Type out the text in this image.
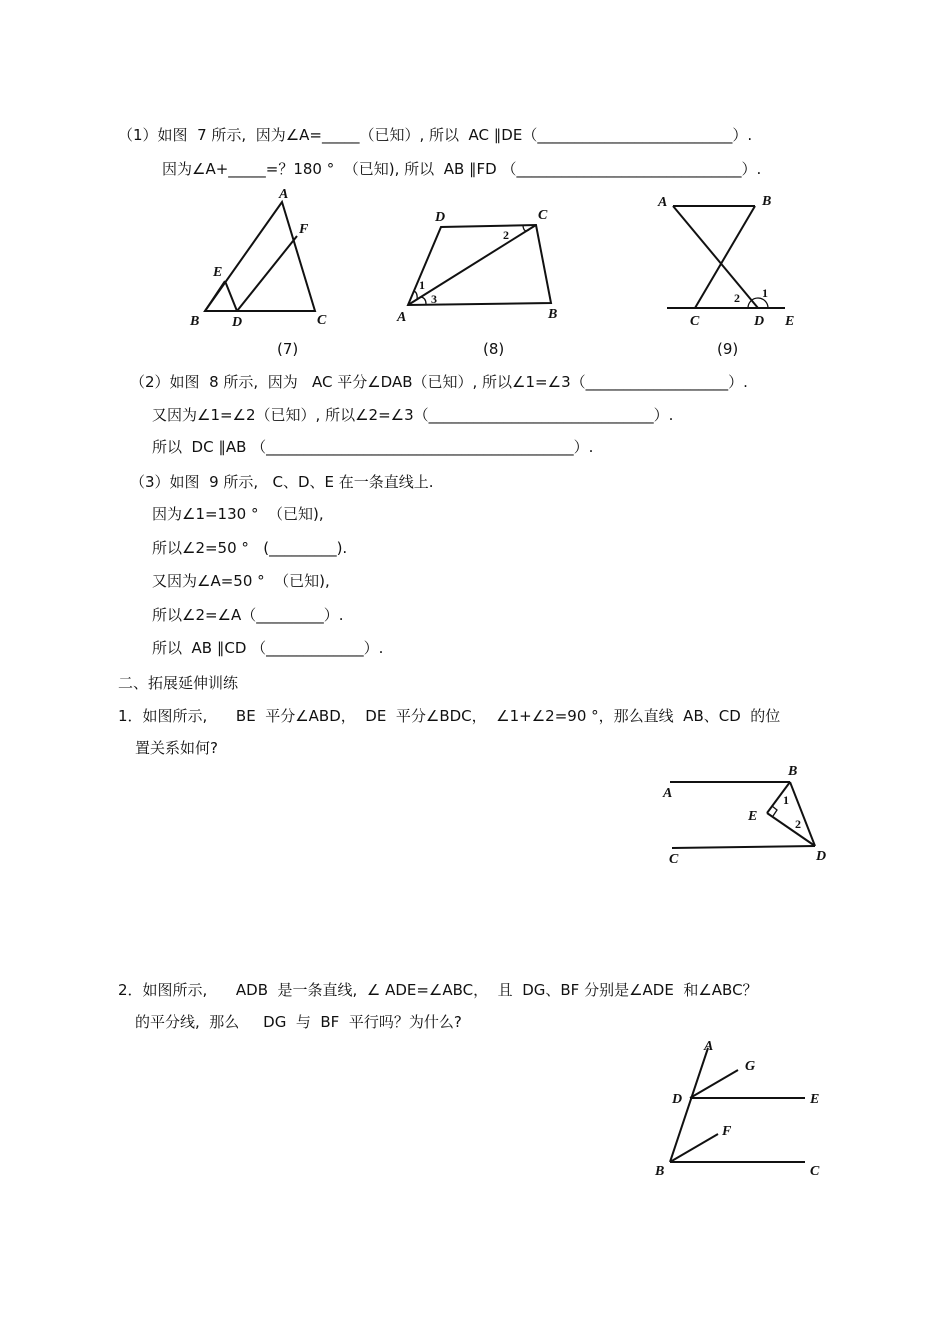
（1）如图  7 所示,  因为∠A=_____（已知）, 所以  AC ∥DE（__________________________）.
因为∠A+_____=？180 °  （已知), 所以  AB ∥FD （______________________________）.
A
F
E
B D	C
(7)
D	C
A	B
1
3
2
(8)
A	B
C	D E
2 1
(9)
（2）如图  8 所示,  因为   AC 平分∠DAB（已知）, 所以∠1=∠3（___________________）.
又因为∠1=∠2（已知）, 所以∠2=∠3（______________________________）.
所以  DC ∥AB （_________________________________________）.
（3）如图  9 所示,   C、D、E 在一条直线上.
因为∠1=130 °  （已知),
所以∠2=50 °   (_________).
又因为∠A=50 °  （已知),
所以∠2=∠A（_________）.
所以  AB ∥CD （_____________）.
二、拓展延伸训练
1．如图所示,      BE  平分∠ABD，  DE  平分∠BDC，  ∠1+∠2=90 °，那么直线  AB、CD  的位
置关系如何?
A
B
E
C	D
1
2
2．如图所示,      ADB  是一条直线,  ∠ ADE=∠ABC，  且  DG、BF 分别是∠ADE  和∠ABC？
的平分线,  那么     DG  与  BF  平行吗？为什么?
A
G
D	E
F
B	C
